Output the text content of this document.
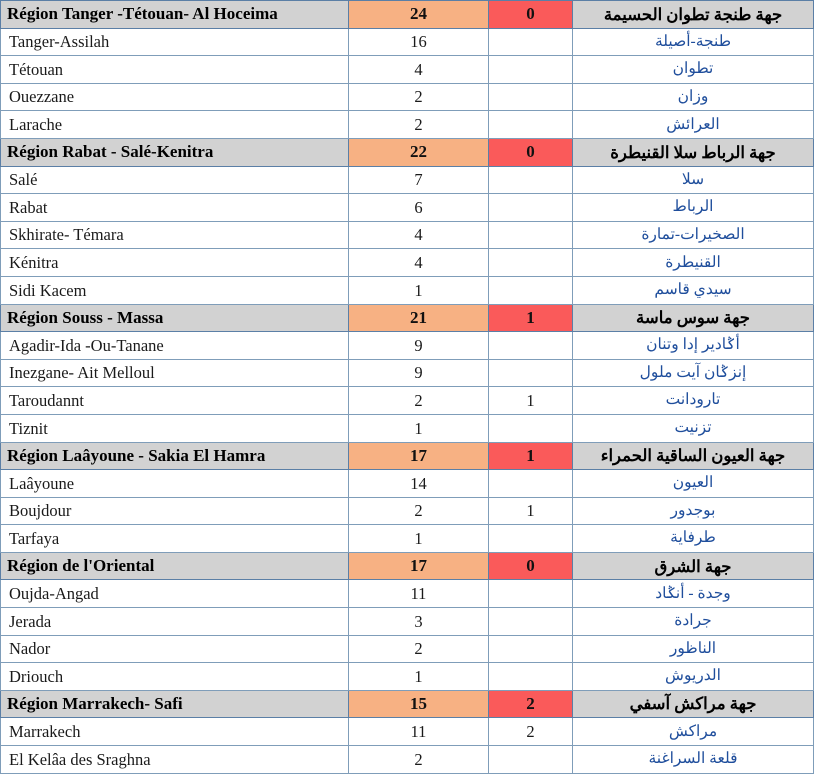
Région Tanger -Tétouan- Al Hoceima	24	0	جهة طنجة تطوان الحسيمة
Tanger-Assilah	16		طنجة-أصيلة
Tétouan	4		تطوان
Ouezzane	2		وزان
Larache	2		العرائش
Région Rabat - Salé-Kenitra	22	0	جهة الرباط سلا القنيطرة
Salé	7		سلا
Rabat	6		الرباط
Skhirate- Témara	4		الصخيرات-تمارة
Kénitra	4		القنيطرة
Sidi Kacem	1		سيدي قاسم
Région Souss - Massa	21	1	جهة سوس ماسة
Agadir-Ida -Ou-Tanane	9		أݣادير إدا وتنان
Inezgane- Ait Melloul	9		إنزݣان آيت ملول
Taroudannt	2	1	تارودانت
Tiznit	1		تزنيت
Région Laâyoune - Sakia El Hamra	17	1	جهة العيون الساقية الحمراء
Laâyoune	14		العيون
Boujdour	2	1	بوجدور
Tarfaya	1		طرفاية
Région de l'Oriental	17	0	جهة الشرق
Oujda-Angad	11		وجدة - أنݣاد
Jerada	3		جرادة
Nador	2		الناظور
Driouch	1		الدريوش
Région Marrakech- Safi	15	2	جهة مراكش آسفي
Marrakech	11	2	مراكش
El Kelâa des Sraghna	2		قلعة السراغنة
